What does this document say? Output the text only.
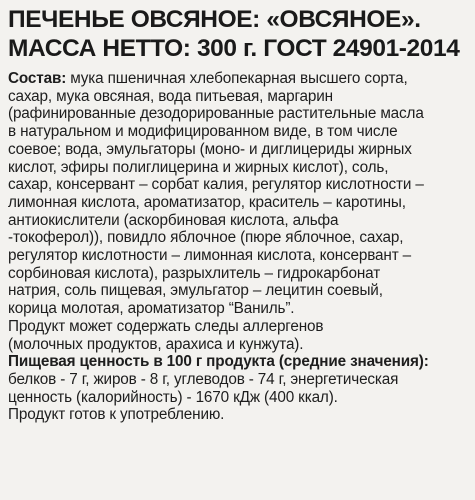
ПЕЧЕНЬЕ ОВСЯНОЕ: «ОВСЯНОЕ».

МАССА НЕТТО: 300 г. ГОСТ 24901-2014

Состав: мука пшеничная хлебопекарная высшего сорта,

сахар, мука овсяная, вода питьевая, маргарин

(рафинированные дезодорированные растительные масла

в натуральном и модифицированном виде, в том числе

соевое; вода, эмульгаторы (моно- и диглицериды жирных

кислот, эфиры полиглицерина и жирных кислот), соль,

сахар, консервант – сорбат калия, регулятор кислотности –

лимонная кислота, ароматизатор, краситель – каротины,

антиокислители (аскорбиновая кислота, альфа

-токоферол)), повидло яблочное (пюре яблочное, сахар,

регулятор кислотности – лимонная кислота, консервант –

сорбиновая кислота), разрыхлитель – гидрокарбонат

натрия, соль пищевая, эмульгатор – лецитин соевый,

корица молотая, ароматизатор “Ваниль”.

Продукт может содержать следы аллергенов

(молочных продуктов, арахиса и кунжута).

Пищевая ценность в 100 г продукта (средние значения):

белков - 7 г, жиров - 8 г, углеводов - 74 г, энергетическая

ценность (калорийность) - 1670 кДж (400 ккал).

Продукт готов к употреблению.
